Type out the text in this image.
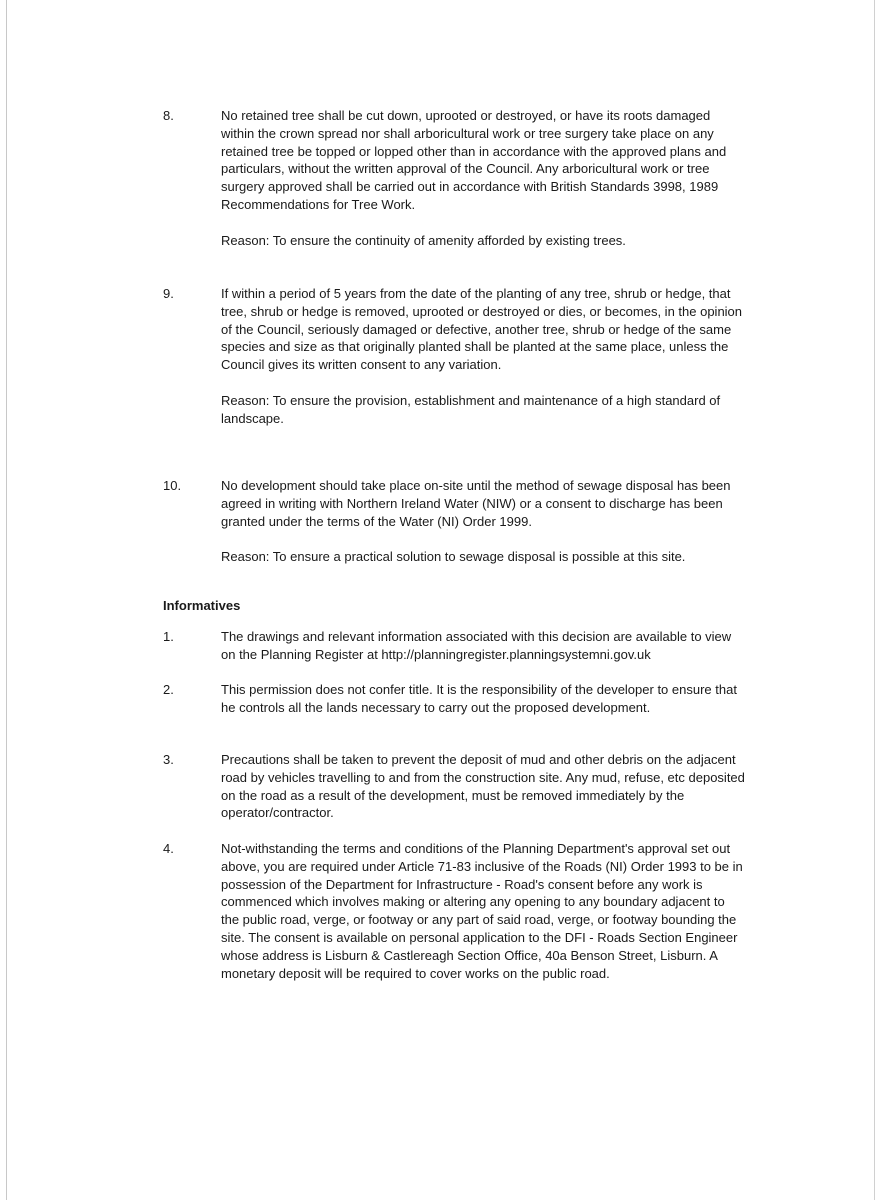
8.	No retained tree shall be cut down, uprooted or destroyed, or have its roots damaged within the crown spread nor shall arboricultural work or tree surgery take place on any retained tree be topped or lopped other than in accordance with the approved plans and particulars, without the written approval of the Council. Any arboricultural work or tree surgery approved shall be carried out in accordance with British Standards 3998, 1989 Recommendations for Tree Work.
Reason: To ensure the continuity of amenity afforded by existing trees.
9.	If within a period of 5 years from the date of the planting of any tree, shrub or hedge, that tree, shrub or hedge is removed, uprooted or destroyed or dies, or becomes, in the opinion of the Council, seriously damaged or defective, another tree, shrub or hedge of the same species and size as that originally planted shall be planted at the same place, unless the Council gives its written consent to any variation.
Reason: To ensure the provision, establishment and maintenance of a high standard of landscape.
10.	No development should take place on-site until the method of sewage disposal has been agreed in writing with Northern Ireland Water (NIW) or a consent to discharge has been granted under the terms of the Water (NI) Order 1999.
Reason: To ensure a practical solution to sewage disposal is possible at this site.
Informatives
1.	The drawings and relevant information associated with this decision are available to view on the Planning Register at http://planningregister.planningsystemni.gov.uk
2.	This permission does not confer title. It is the responsibility of the developer to ensure that he controls all the lands necessary to carry out the proposed development.
3.	Precautions shall be taken to prevent the deposit of mud and other debris on the adjacent road by vehicles travelling to and from the construction site. Any mud, refuse, etc deposited on the road as a result of the development, must be removed immediately by the operator/contractor.
4.	Not-withstanding the terms and conditions of the Planning Department's approval set out above, you are required under Article 71-83 inclusive of the Roads (NI) Order 1993 to be in possession of the Department for Infrastructure - Road's consent before any work is commenced which involves making or altering any opening to any boundary adjacent to the public road, verge, or footway or any part of said road, verge, or footway bounding the site. The consent is available on personal application to the DFI - Roads Section Engineer whose address is Lisburn & Castlereagh Section Office, 40a Benson Street, Lisburn. A monetary deposit will be required to cover works on the public road.
